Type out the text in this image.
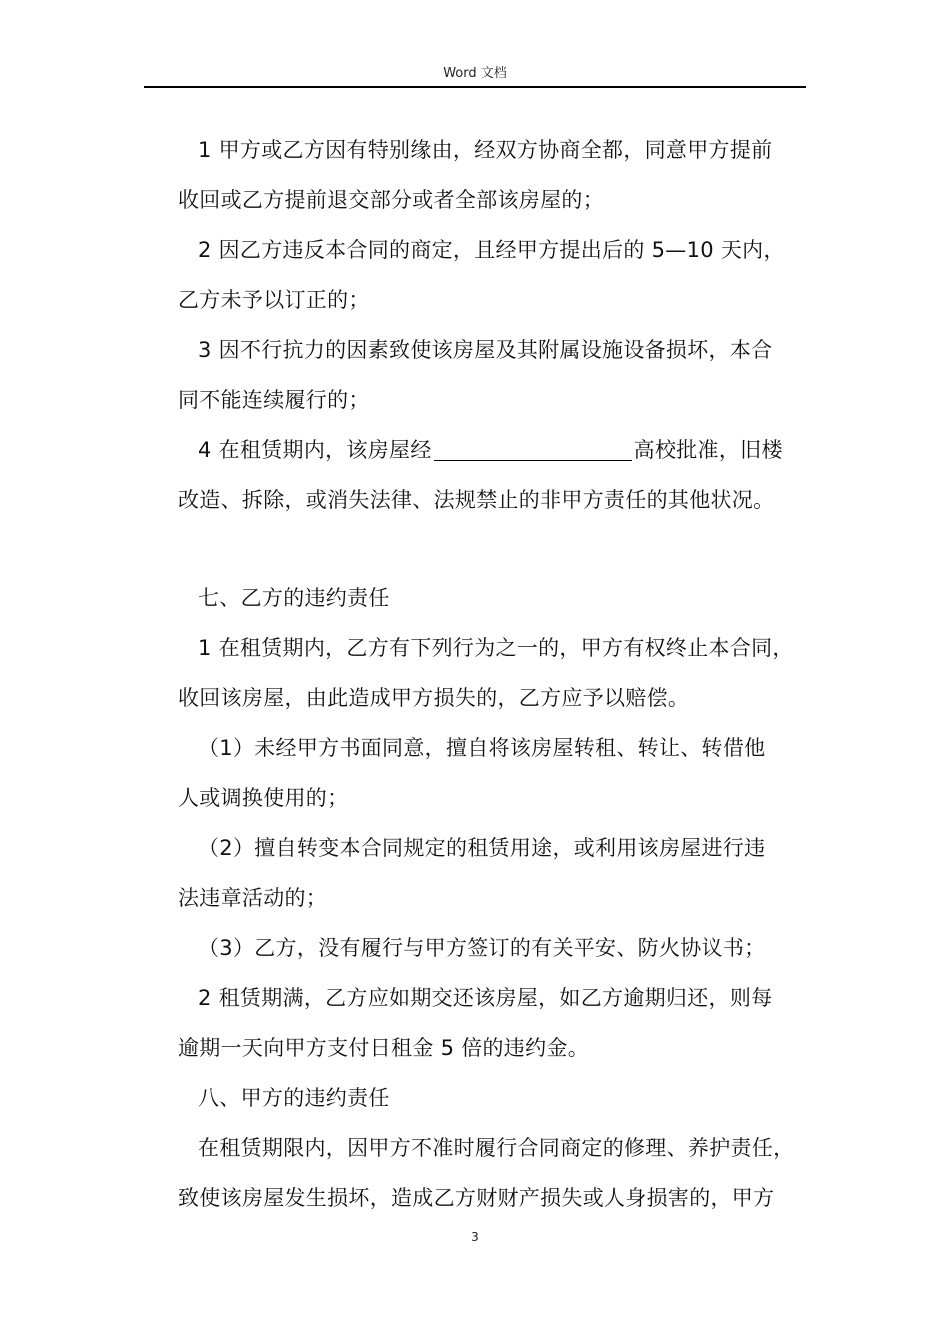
Word 文档
1 甲方或乙方因有特别缘由，经双方协商全都，同意甲方提前
收回或乙方提前退交部分或者全部该房屋的；
2 因乙方违反本合同的商定，且经甲方提出后的 5—10 天内，
乙方未予以订正的；
3 因不行抗力的因素致使该房屋及其附属设施设备损坏，本合
同不能连续履行的；
4 在租赁期内，该房屋经	高校批准，旧楼
改造、拆除，或消失法律、法规禁止的非甲方责任的其他状况。
七、乙方的违约责任
1 在租赁期内，乙方有下列行为之一的，甲方有权终止本合同，
收回该房屋，由此造成甲方损失的，乙方应予以赔偿。
（1）未经甲方书面同意，擅自将该房屋转租、转让、转借他
人或调换使用的；
（2）擅自转变本合同规定的租赁用途，或利用该房屋进行违
法违章活动的；
（3）乙方，没有履行与甲方签订的有关平安、防火协议书；
2 租赁期满，乙方应如期交还该房屋，如乙方逾期归还，则每
逾期一天向甲方支付日租金 5 倍的违约金。
八、甲方的违约责任
在租赁期限内，因甲方不准时履行合同商定的修理、养护责任，
致使该房屋发生损坏，造成乙方财财产损失或人身损害的，甲方
3
